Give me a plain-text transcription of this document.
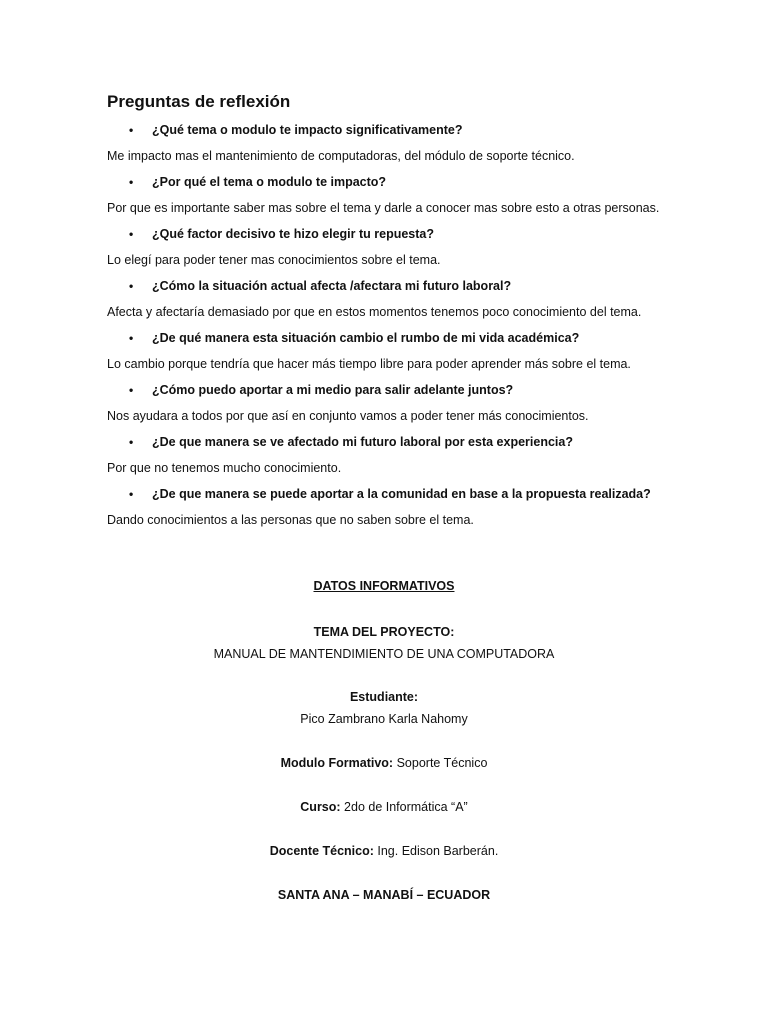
Preguntas de reflexión
• ¿Qué tema o modulo te impacto significativamente?
Me impacto mas el mantenimiento de computadoras, del módulo de soporte técnico.
• ¿Por qué el tema o modulo te impacto?
Por que es importante saber mas sobre el tema y darle a conocer mas sobre esto a otras personas.
• ¿Qué factor decisivo te hizo elegir tu repuesta?
Lo elegí para poder tener mas conocimientos sobre el tema.
• ¿Cómo la situación actual afecta /afectara mi futuro laboral?
Afecta y afectaría demasiado por que en estos momentos tenemos poco conocimiento del tema.
• ¿De qué manera esta situación cambio el rumbo de mi vida académica?
Lo cambio porque tendría que hacer más tiempo libre para poder aprender más sobre el tema.
• ¿Cómo puedo aportar a mi medio para salir adelante juntos?
Nos ayudara a todos por que así en conjunto vamos a poder tener más conocimientos.
• ¿De que manera se ve afectado mi futuro laboral por esta experiencia?
Por que no tenemos mucho conocimiento.
• ¿De que manera se puede aportar a la comunidad en base a la propuesta realizada?
Dando conocimientos a las personas que no saben sobre el tema.
DATOS INFORMATIVOS
TEMA DEL PROYECTO:
MANUAL DE MANTENDIMIENTO DE UNA COMPUTADORA
Estudiante:
Pico Zambrano Karla Nahomy
Modulo Formativo: Soporte Técnico
Curso: 2do de Informática “A”
Docente Técnico: Ing. Edison Barberán.
SANTA ANA – MANABÍ – ECUADOR
